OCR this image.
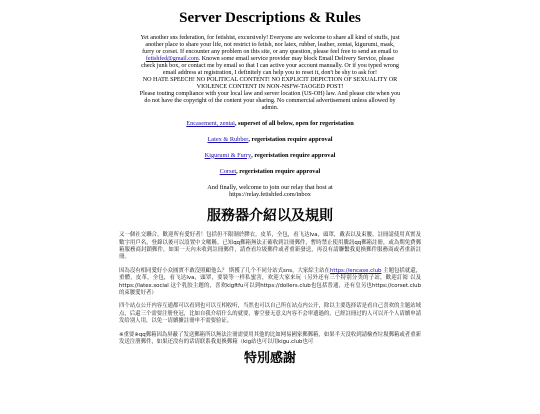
Server Descriptions & Rules

Yet another sns federation, for fetishist, excursively! Everyone are welcome to share all kind of stuffs, just another place to share your life, not restrict to fetish, nor latex, rubber, leather, zentai, kigurumi, mask, furry or corset. If encounter any problem on this site, or any question, please feel free to send an email to fetishfed@gmail.com. Known some email service provider may block Email Delivery Service, please check junk box, or contact me by email so that I can active your account manually. Or if you typed wrong email address at registration, I definitely can help you to reset it, don't be shy to ask for!

NO HATE SPEECH! NO POLITICAL CONTENT! NO EXPLICIT DEPICTION OF SEXUALITY OR VIOLENCE CONTENT IN NON-NSFW-TAOGED POST!

Please touting compliance with your local law and server location (US-OH) law. And please cite when you do not have the copyright of the content your sharing. No commercial advertisement unless allowed by admin.

Encasement, zentai, superset of all below, open for regeristation

Latex & Rubber, regeristation require approval

Kigurumi & Furry, regeristation require approval

Corset, regeristation require approval

And finally, welcome to join our relay that host at https://relay.fetishfed.com/inbox

服務器介紹以及規則

又一個社交聯合，歡迎所有愛好者！包括但不限制於膠衣，皮革，全包，看飞达lva，頭罩，戴表以及束腰。註冊請使用真實及數字用戶名，登錄以後可以設置中文暱稱。已知qq郵箱無法正確收到註冊郵件，暫時禁止使用騰訊qq郵箱註冊，或為期免費郵箱服務商封鎖郵件，如果一天內未收到註冊郵件，請查看垃圾郵件或者重新發送，再沒有請聯繫我更換郵件服務商或者重新註冊。

因為沒有相同愛好小众圓實不敢沒照顧他么？ 斯獲了几个不同分站式sns，大家綜主站在https://encase.club 主題包括就還，重體，皮革，全包，看飞达lva，頭罩，要裝等一样私蜜害，欢迎大家来玩（另外还有三个特别分类的子站，歡迎訂阅 以及 https://latex.social 这个乳胶主題的，喜欢kigftfu可以到https://dollers.club也包括普通，还有皇另也https://corset.club的束腰愛好者）

四个站点公开内容互通都可以看到也可以互相收听，当然也可以自己所在站点内公开，除以主要选择话是看自己喜欢的主题站域点，后還三个需要注册登冠，比如自我介绍什么的就要，審空發无意义内容不会审遗過的，已經註冊过的人可以开个人请續申請 发给别人用，以免一请續擴註冊申不需要验证。

※重要※qq郵箱因為屏蔽了发送郵箱所以無法注冊需要用其他的比如网易國家郵郵箱，如果半天没收到請檢查垃圾郵箱或者重新发送注册郵件，如果还没有的话请联系我更換郵箱（kig站也可以用kigu.club也可

特別感謝
